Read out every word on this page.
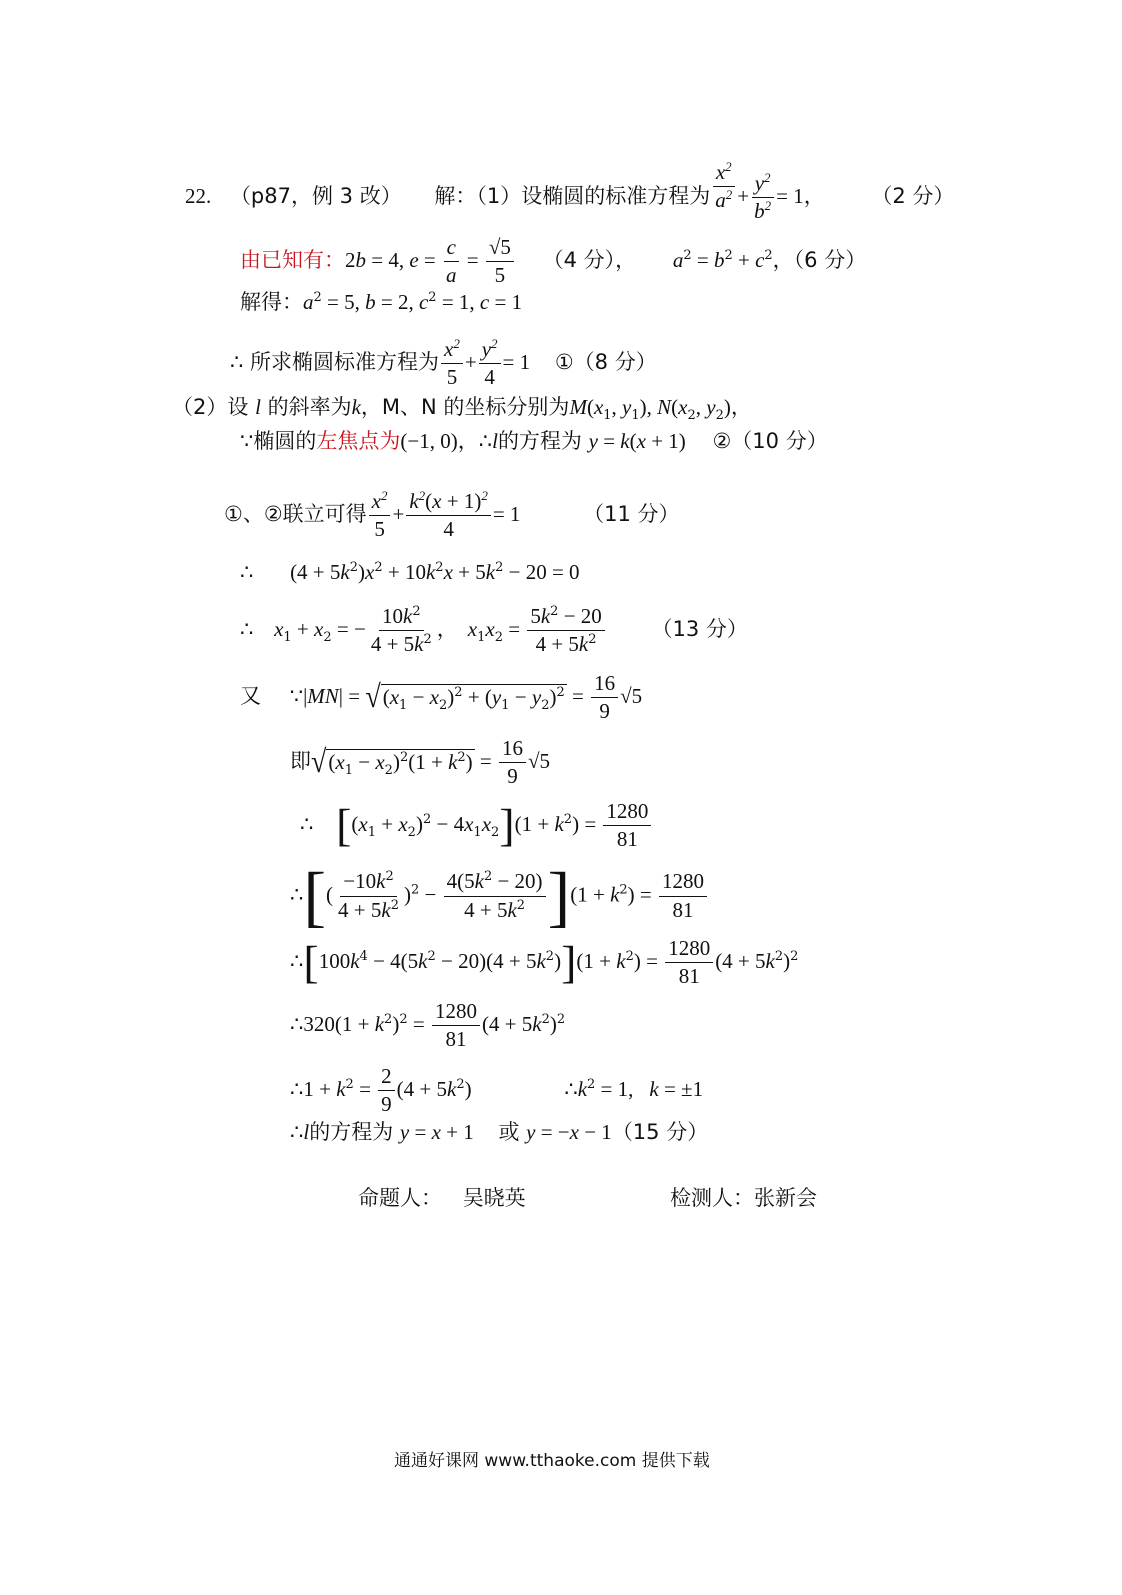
22. （p87，例 3 改） 解：（1）设椭圆的标准方程为 $\frac{x^2}{a^2} + \frac{y^2}{b^2} = 1$， （2 分）
由已知有：2b = 4, $e = \frac{c}{a} = \frac{√5}{5} (4$ 分）， $a^2 = b^2 + c^2$，（6 分）
解得：$a^2 = 5$, b = 2, $c^2 = 1$, c = 1
∴ 所求椭圆标准方程为 $\frac{x^2}{5} + \frac{y^2}{4} = 1$ ①（8 分）
（2）设 l 的斜率为k，M、N 的坐标分别为$M(x_1$, $y_1$), $N(x_2$, $y_2$)，
∵椭圆的左焦点为(−1, 0)，∴l的方程为 y = k(x + 1) ②（10 分）
①、②联立可得 $\frac{x^2}{5} + \frac{k^2(x + 1)^2}{4} = 1$	（11 分）
∴ $(4 + 5k^2)x^2 + 10k^2x + 5k^2 - 20 = 0$
∴ $x_1 + x_2$ = − $\frac{10k^2}{4 + 5k^2}$ ， $x_1x_2 = \frac{5k^2 - 20}{4 + 5k^2} (13$ 分）
又 ∵|MN| = √ $(x_1 - x_2)^2 + (y_1 - y_2)^2 = \frac{16}{9} √5$
即 √ $(x_1 - x_2)^2(1 + k^2) = \frac{16}{9} √5$
∴ $[(x_1 + x_2)^2 - 4x_1x_2](1 + k^2) = \frac{1280}{81}$
∴[( $\frac{-10k^2}{4 + 5k^2} )^2 - \frac{4(5k^2 - 20)}{4 + 5k^2} ](1 + k^2) = \frac{1280}{81}$
$\therefore[100k^4 - 4(5k^2 - 20)(4 + 5k^2)](1 + k^2) = \frac{1280}{81} (4 + 5k^2)^2$
∴320(1 + $k^2)^2 = \frac{1280}{81} (4 + 5k^2)^2$
∴1 + $k^2 = \frac{2}{9} (4 + 5k^2)$	$\therefore k^2 = 1$, k = ±1
∴l的方程为 y = x + 1 或 y = −x − 1（15 分）
命题人： 吴晓英	检测人：张新会
通通好课网 www.tthaoke.com 提供下载
